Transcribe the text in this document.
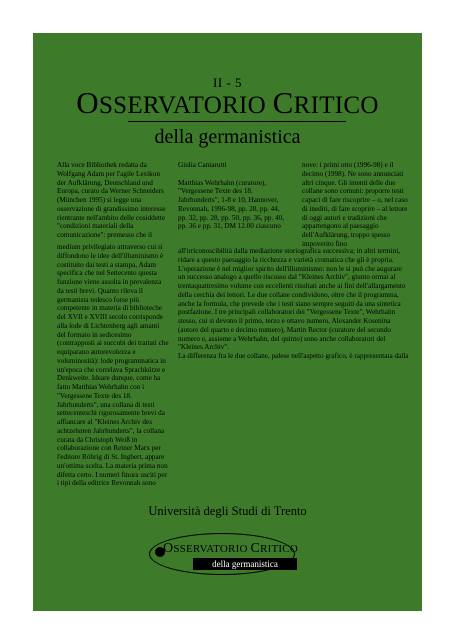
II - 5
OSSERVATORIO CRITICO
della germanistica
Alla voce Bibliothek redatta da Wolfgang Adam per l'agile Lexikon der Aufklärung, Deutschland und Europa, curato da Werner Schneiders (München 1995) si legge una osservazione di grandissimo interesse rientrante nell'ambito delle cosiddette "condizioni materiali della comunicazione": premesso che il
Giulia Cantarutti

Matthias Wehrhahn (curatore), "Vergessene Texte des 18. Jahrhunderts", 1-8 e 10, Hannover, Revonnah, 1996-98, pp. 28, pp. 44, pp. 32, pp. 28, pp. 50, pp. 36, pp. 40, pp. 36 e pp. 31, DM 12.00 ciascuno
nove: i primi otto (1996-98) e il decimo (1998). Ne sono annunciati altri cinque. Gli intenti delle due collane sono comuni: proporre testi capaci di fare riscoprire – o, nel caso di inediti, di fare scoprire – al lettore di oggi autori e tradizioni che appartengono al paesaggio dell'Aufklärung, troppo spesso impoverito fino
medium privilegiato attraverso cui si diffondono le idee dell'illuminismo è costituito dai testi a stampa, Adam specifica che nel Settecento questa funzione viene assolta in prevalenza da testi brevi. Quanto rileva il germanista tedesco forse più competente in materia di biblioteche del XVII e XVIII secolo corrisponde alla lode di Lichtenberg agli amanti del formato in sedicesimo (contrapposti ai succubi dei trattati che equiparano autorevolezza e voluminosità): lode programmatica in un'epoca che correlava Sprachkürze e Denkweite. Ideare dunque, come ha fatto Matthias Wehrhahn con i "Vergessene Texte des 18. Jahrhunderts", una collana di testi settecenteschi rigorosamente brevi da affiancare al "Kleines Archiv des achtzehnten Jahrhunderts", la collana curata da Christoph Weiß in collaborazione con Reiner Marx per l'editore Röhrig di St. Ingbert, appare un'ottima scelta. La materia prima non difetta certo. I numeri finora usciti per i tipi della editrice Revonnah sono
all'irriconoscibilità dalla mediazione storiografica successiva; in altri termini, ridare a questo paesaggio la ricchezza e varietà cromatica che gli è propria. L'operazione è nel miglior spirito dell'illuminismo: non le si può che augurare un successo analogo a quello riscosso dal "Kleines Archiv", giunto ormai al trentaquattresimo volume con eccellenti risultati anche ai fini dell'allargamento della cerchia dei lettori. Le due collane condividono, oltre che il programma, anche la formula, che prevede che i testi siano sempre seguiti da una sintetica postfazione. I tre principali collaboratori dei "Vergessene Texte", Wehrhahn stesso, cui si devono il primo, terzo e ottavo numero, Alexander Kosenina (autore del quarto e decimo numero), Martin Rector (curatore del secondo numero e, assieme a Wehrhahn, del quinto) sono anche collaboratori del "Kleines Archiv".
La differenza fra le due collane, palese nell'aspetto grafico, è rappresentata dalla
Università degli Studi di Trento
OSSERVATORIO CRITICO
della germanistica
